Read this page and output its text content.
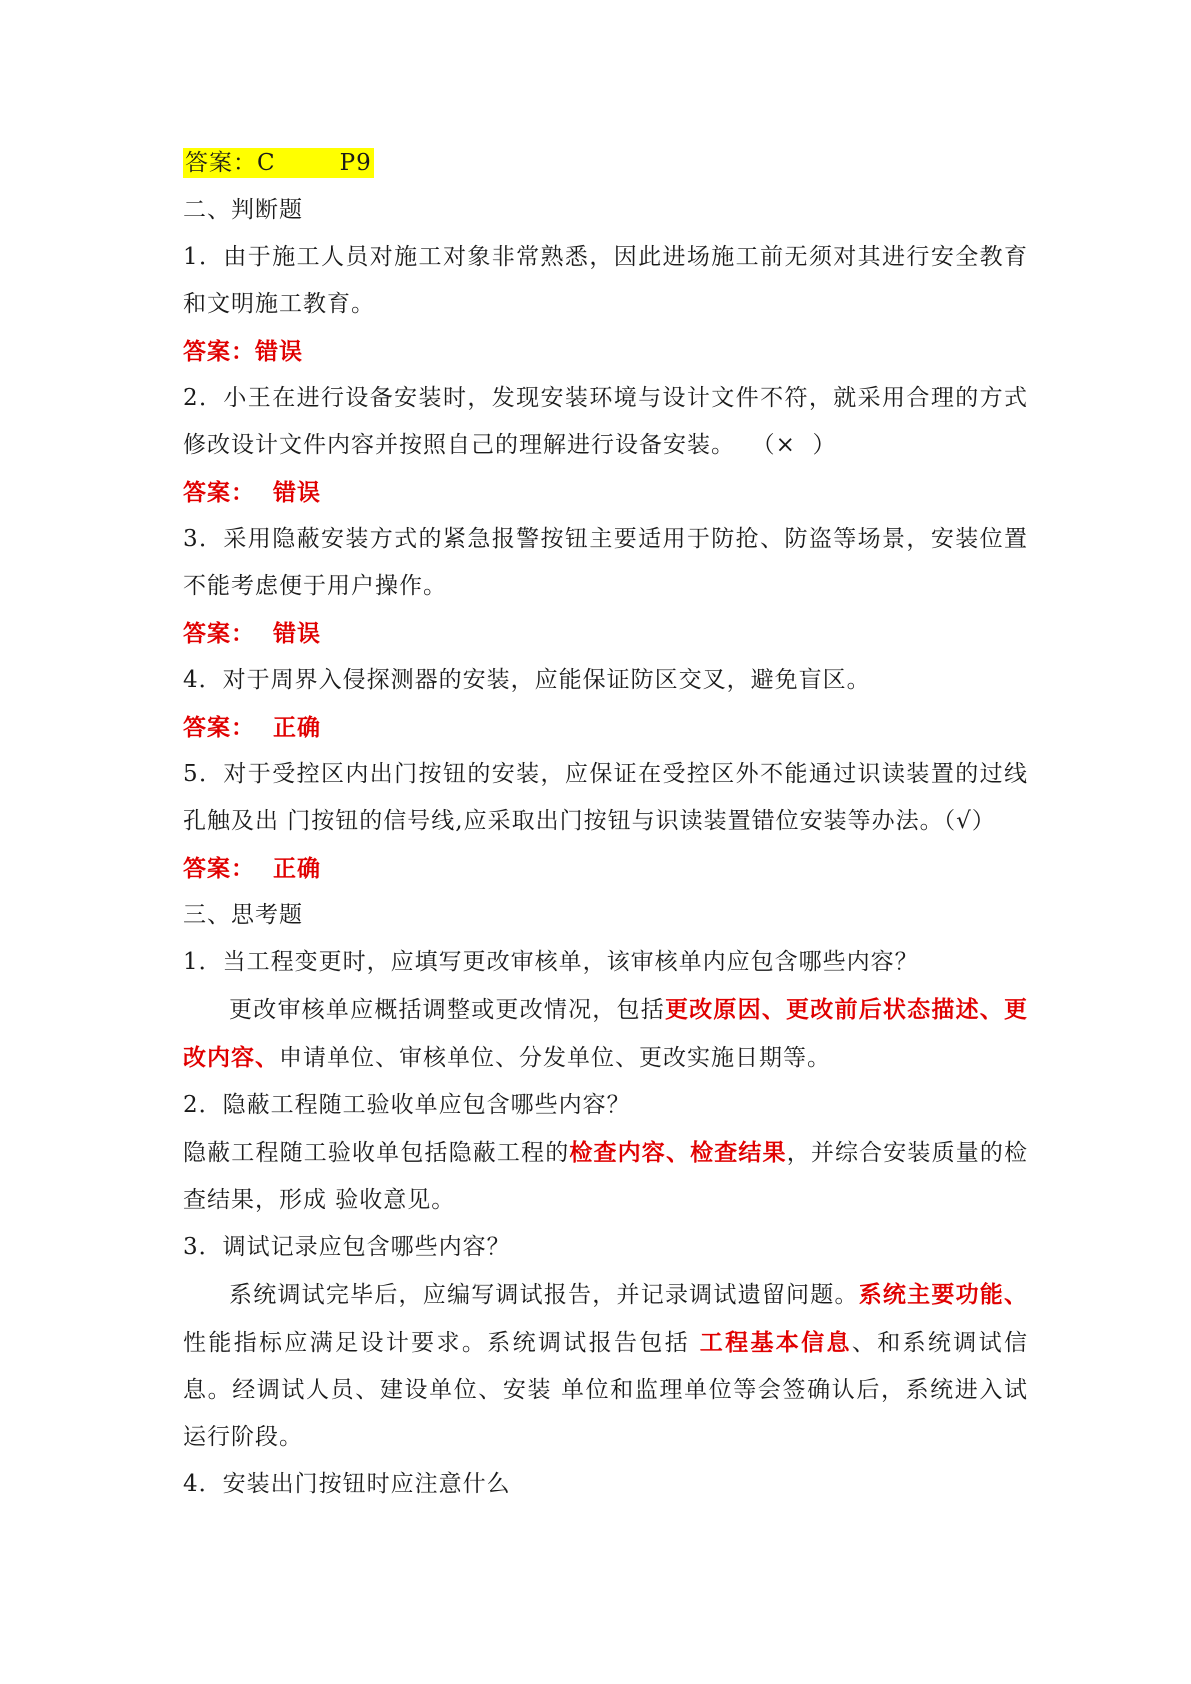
答案：C	P9
二、判断题
1．由于施工人员对施工对象非常熟悉，因此进场施工前无须对其进行安全教育
和文明施工教育。
答案：错误
2．小王在进行设备安装时，发现安装环境与设计文件不符，就采用合理的方式
修改设计文件内容并按照自己的理解进行设备安装。  （×  ）
答案：  错误
3．采用隐蔽安装方式的紧急报警按钮主要适用于防抢、防盗等场景，安装位置
不能考虑便于用户操作。
答案：  错误
4．对于周界入侵探测器的安装，应能保证防区交叉，避免盲区。
答案：  正确
5．对于受控区内出门按钮的安装，应保证在受控区外不能通过识读装置的过线
孔触及出 门按钮的信号线,应采取出门按钮与识读装置错位安装等办法。（√）
答案：  正确
三、思考题
1．当工程变更时，应填写更改审核单，该审核单内应包含哪些内容？
更改审核单应概括调整或更改情况，包括更改原因、更改前后状态描述、更改内容、申请单位、审核单位、分发单位、更改实施日期等。
2．隐蔽工程随工验收单应包含哪些内容？
隐蔽工程随工验收单包括隐蔽工程的检查内容、检查结果，并综合安装质量的检查结果，形成 验收意见。
3．调试记录应包含哪些内容？
系统调试完毕后，应编写调试报告，并记录调试遗留问题。系统主要功能、性能指标应满足设计要求。系统调试报告包括 工程基本信息、和系统调试信息。经调试人员、建设单位、安装 单位和监理单位等会签确认后，系统进入试运行阶段。
4．安装出门按钮时应注意什么
